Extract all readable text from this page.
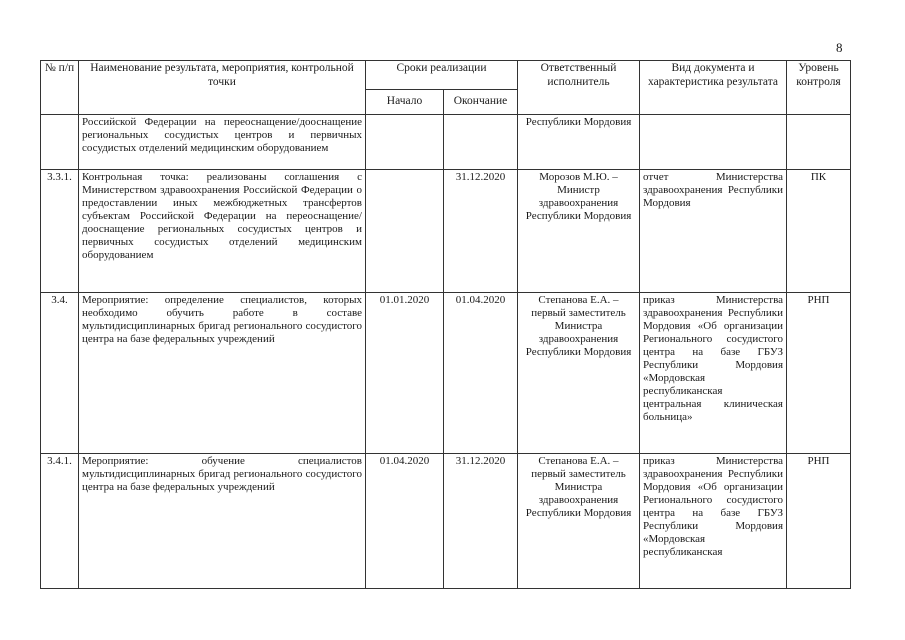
8
№ п/п	Наименование результата, мероприятия, контрольной точки	Сроки реализации		Ответственный исполнитель	Вид документа и характеристика результата	Уровень контроля
		Начало	Окончание			
	Российской Федерации на переоснащение/дооснащение региональных сосудистых центров и первичных сосудистых отделений медицинским оборудованием			Республики Мордовия		
3.3.1.	Контрольная точка: реализованы соглашения с Министерством здравоохранения Российской Федерации о предоставлении иных межбюджетных трансфертов субъектам Российской Федерации на переоснащение/дооснащение региональных сосудистых центров и первичных сосудистых отделений медицинским оборудованием		31.12.2020	Морозов М.Ю. – Министр здравоохранения Республики Мордовия	отчет Министерства здравоохранения Республики Мордовия	ПК
3.4.	Мероприятие: определение специалистов, которых необходимо обучить работе в составе мультидисциплинарных бригад регионального сосудистого центра на базе федеральных учреждений	01.01.2020	01.04.2020	Степанова Е.А. – первый заместитель Министра здравоохранения Республики Мордовия	приказ Министерства здравоохранения Республики Мордовия «Об организации Регионального сосудистого центра на базе ГБУЗ Республики Мордовия «Мордовская республиканская центральная клиническая больница»	РНП
3.4.1.	Мероприятие: обучение специалистов мультидисциплинарных бригад регионального сосудистого центра на базе федеральных учреждений	01.04.2020	31.12.2020	Степанова Е.А. – первый заместитель Министра здравоохранения Республики Мордовия	приказ Министерства здравоохранения Республики Мордовия «Об организации Регионального сосудистого центра на базе ГБУЗ Республики Мордовия «Мордовская республиканская	РНП
